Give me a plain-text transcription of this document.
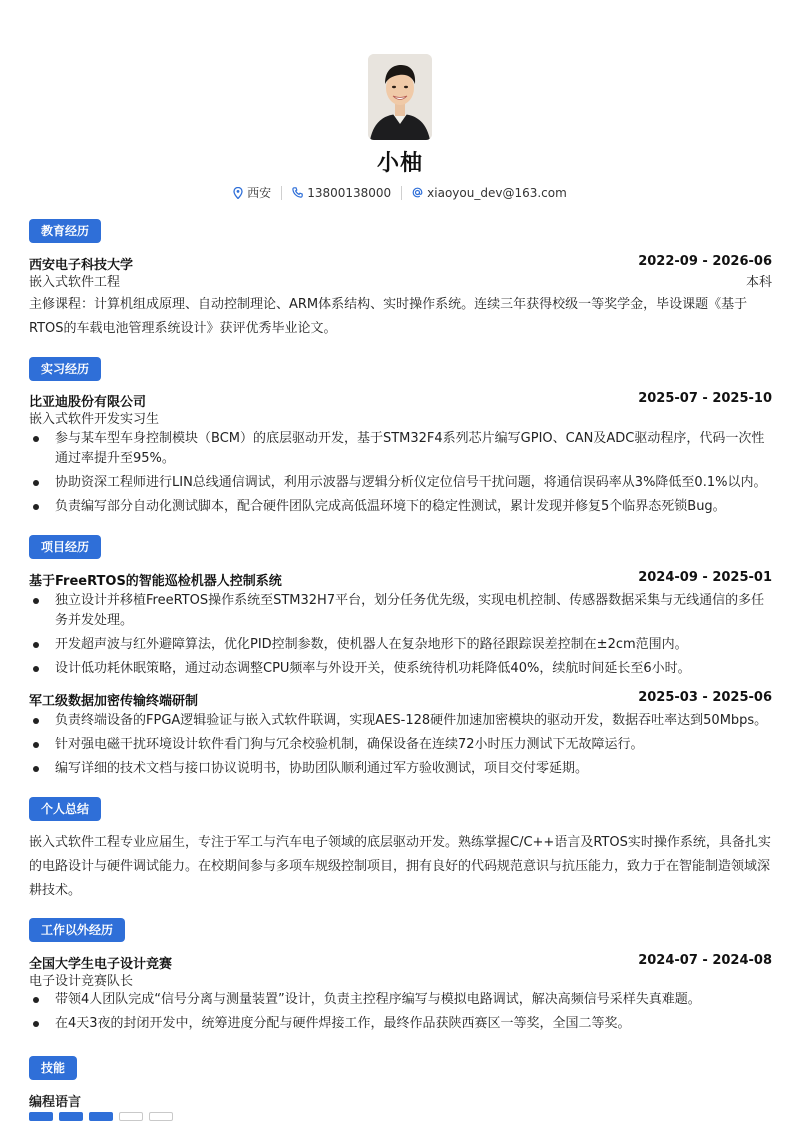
小柚
西安	13800138000	xiaoyou_dev@163.com
教育经历
西安电子科技大学	2022-09 - 2026-06
嵌入式软件工程	本科
主修课程：计算机组成原理、自动控制理论、ARM体系结构、实时操作系统。连续三年获得校级一等奖学金，毕设课题《基于RTOS的车载电池管理系统设计》获评优秀毕业论文。
实习经历
比亚迪股份有限公司	2025-07 - 2025-10
嵌入式软件开发实习生
参与某车型车身控制模块（BCM）的底层驱动开发，基于STM32F4系列芯片编写GPIO、CAN及ADC驱动程序，代码一次性通过率提升至95%。
协助资深工程师进行LIN总线通信调试，利用示波器与逻辑分析仪定位信号干扰问题，将通信误码率从3%降低至0.1%以内。
负责编写部分自动化测试脚本，配合硬件团队完成高低温环境下的稳定性测试，累计发现并修复5个临界态死锁Bug。
项目经历
基于FreeRTOS的智能巡检机器人控制系统	2024-09 - 2025-01
独立设计并移植FreeRTOS操作系统至STM32H7平台，划分任务优先级，实现电机控制、传感器数据采集与无线通信的多任务并发处理。
开发超声波与红外避障算法，优化PID控制参数，使机器人在复杂地形下的路径跟踪误差控制在±2cm范围内。
设计低功耗休眠策略，通过动态调整CPU频率与外设开关，使系统待机功耗降低40%，续航时间延长至6小时。
军工级数据加密传输终端研制	2025-03 - 2025-06
负责终端设备的FPGA逻辑验证与嵌入式软件联调，实现AES-128硬件加速加密模块的驱动开发，数据吞吐率达到50Mbps。
针对强电磁干扰环境设计软件看门狗与冗余校验机制，确保设备在连续72小时压力测试下无故障运行。
编写详细的技术文档与接口协议说明书，协助团队顺利通过军方验收测试，项目交付零延期。
个人总结
嵌入式软件工程专业应届生，专注于军工与汽车电子领域的底层驱动开发。熟练掌握C/C++语言及RTOS实时操作系统，具备扎实的电路设计与硬件调试能力。在校期间参与多项车规级控制项目，拥有良好的代码规范意识与抗压能力，致力于在智能制造领域深耕技术。
工作以外经历
全国大学生电子设计竞赛	2024-07 - 2024-08
电子设计竞赛队长
带领4人团队完成“信号分离与测量装置”设计，负责主控程序编写与模拟电路调试，解决高频信号采样失真难题。
在4天3夜的封闭开发中，统筹进度分配与硬件焊接工作，最终作品获陕西赛区一等奖，全国二等奖。
技能
编程语言
